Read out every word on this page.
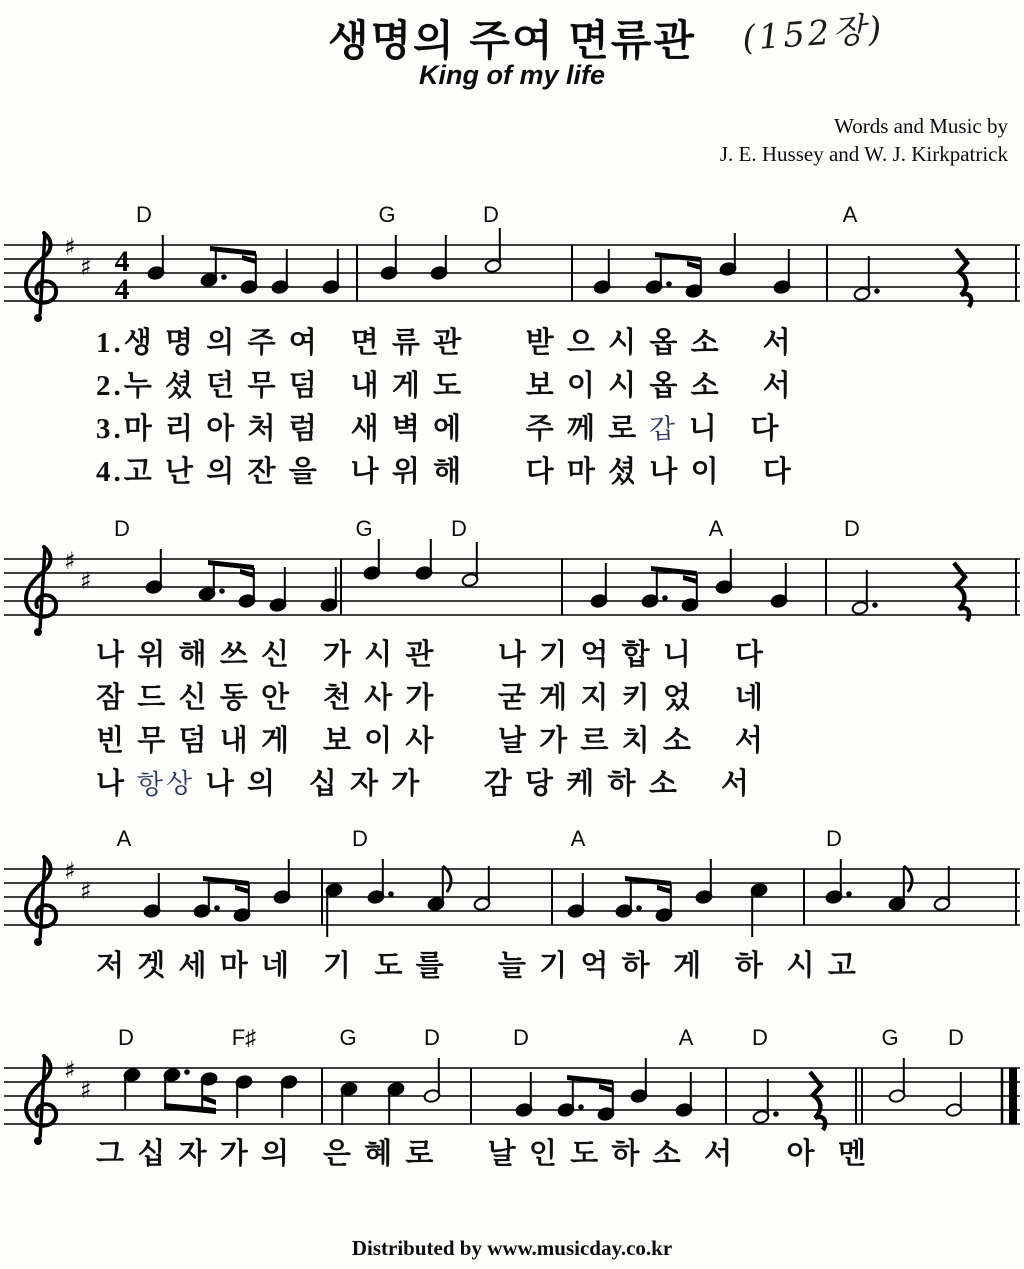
생명의 주여 면류관	(152장)
King of my life
Words and Music by
J. E. Hussey and W. J. Kirkpatrick
D	G	D	A
♯
♯ 4
4
D	G	D	A	D
♯
♯
A	D	A	D
♯
♯
D	F♯	G	D	D	A	D	G D
♯
♯
1.생 명 의 주 여   면 류 관      받 으 시 옵 소    서
2.누 셨 던 무 덤   내 게 도      보 이 시 옵 소    서
3.마 리 아 처 럼   새 벽 에      주 께 로 갑 니   다
4.고 난 의 잔 을   나 위 해      다 마 셨 나 이    다
나 위 해 쓰 신   가 시 관      나 기 억 합 니    다
잠 드 신 동 안   천 사 가      굳 게 지 키 었    네
빈 무 덤 내 게   보 이 사      날 가 르 치 소    서
나 항상 나 의   십 자 가      감 당 케 하 소    서
저 겟 세 마 네   기  도 를     늘 기 억 하  게   하  시 고
그 십 자 가 의   은 혜 로     날 인 도 하 소  서     아  멘
Distributed by www.musicday.co.kr
